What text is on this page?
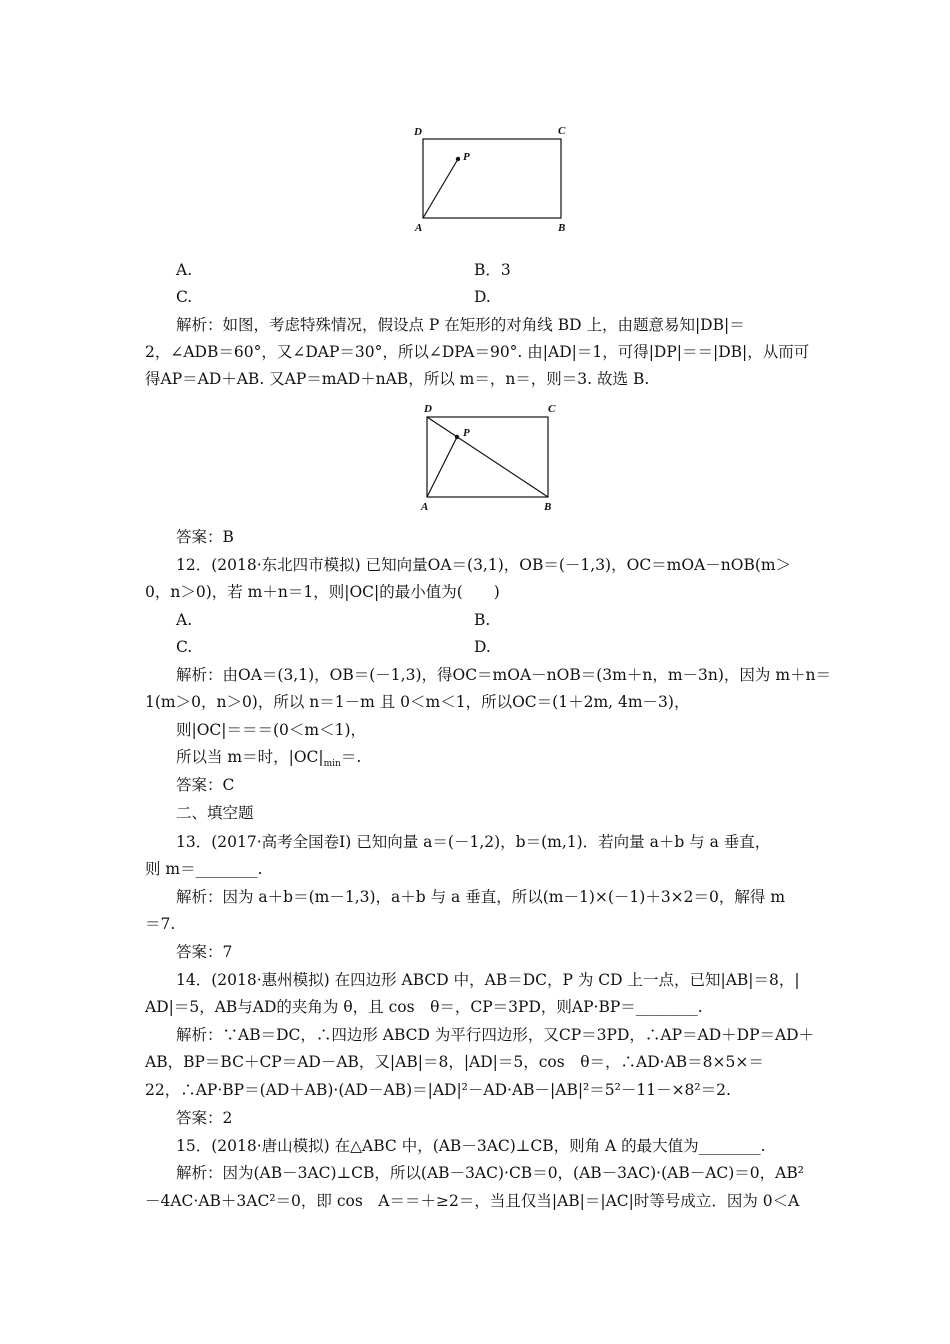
D	C
A	B
P
A.	B．3
C.	D.
解析：如图，考虑特殊情况，假设点 P 在矩形的对角线 BD 上，由题意易知|DB|＝
2，∠ADB＝60°，又∠DAP＝30°，所以∠DPA＝90°. 由|AD|＝1，可得|DP|＝＝|DB|，从而可
得AP＝AD＋AB. 又AP＝mAD＋nAB，所以 m＝，n＝，则＝3. 故选 B.
D	C
A	B
P
答案：B
12．(2018·东北四市模拟) 已知向量OA＝(3,1)，OB＝(－1,3)，OC＝mOA－nOB(m＞
0，n＞0)，若 m＋n＝1，则|OC|的最小值为(　　)
A.	B.
C.	D.
解析：由OA＝(3,1)，OB＝(－1,3)，得OC＝mOA－nOB＝(3m＋n，m－3n)，因为 m＋n＝
1(m＞0，n＞0)，所以 n＝1－m 且 0＜m＜1，所以OC＝(1＋2m, 4m－3)，
则|OC|＝＝＝(0＜m＜1)，
所以当 m＝时，$|OC|_{min}=$.
答案：C
二、填空题
13．(2017·高考全国卷Ⅰ) 已知向量 a＝(－1,2)，b＝(m,1)．若向量 a＋b 与 a 垂直，
则 m＝________.
解析：因为 a＋b＝(m－1,3)，a＋b 与 a 垂直，所以(m－1)×(－1)＋3×2＝0，解得 m
＝7.
答案：7
14．(2018·惠州模拟) 在四边形 ABCD 中，AB＝DC，P 为 CD 上一点，已知|AB|＝8，|
AD|＝5，AB与AD的夹角为 θ，且 cos　θ＝，CP＝3PD，则AP·BP＝________.
解析：∵AB＝DC，∴四边形 ABCD 为平行四边形，又CP＝3PD，∴AP＝AD＋DP＝AD＋
AB，BP＝BC＋CP＝AD－AB，又|AB|＝8，|AD|＝5，cos　θ＝，∴AD·AB＝8×5×＝
22，∴AP·BP＝(AD＋AB)·(AD－AB)＝|AD|²－AD·AB－|AB|²＝5²－11－×8²＝2.
答案：2
15．(2018·唐山模拟) 在△ABC 中，(AB－3AC)⊥CB，则角 A 的最大值为________.
解析：因为(AB－3AC)⊥CB，所以(AB－3AC)·CB＝0，(AB－3AC)·(AB－AC)＝0，AB²
－4AC·AB＋3AC²＝0，即 cos　A＝＝＋≥2＝，当且仅当|AB|＝|AC|时等号成立．因为 0＜A
